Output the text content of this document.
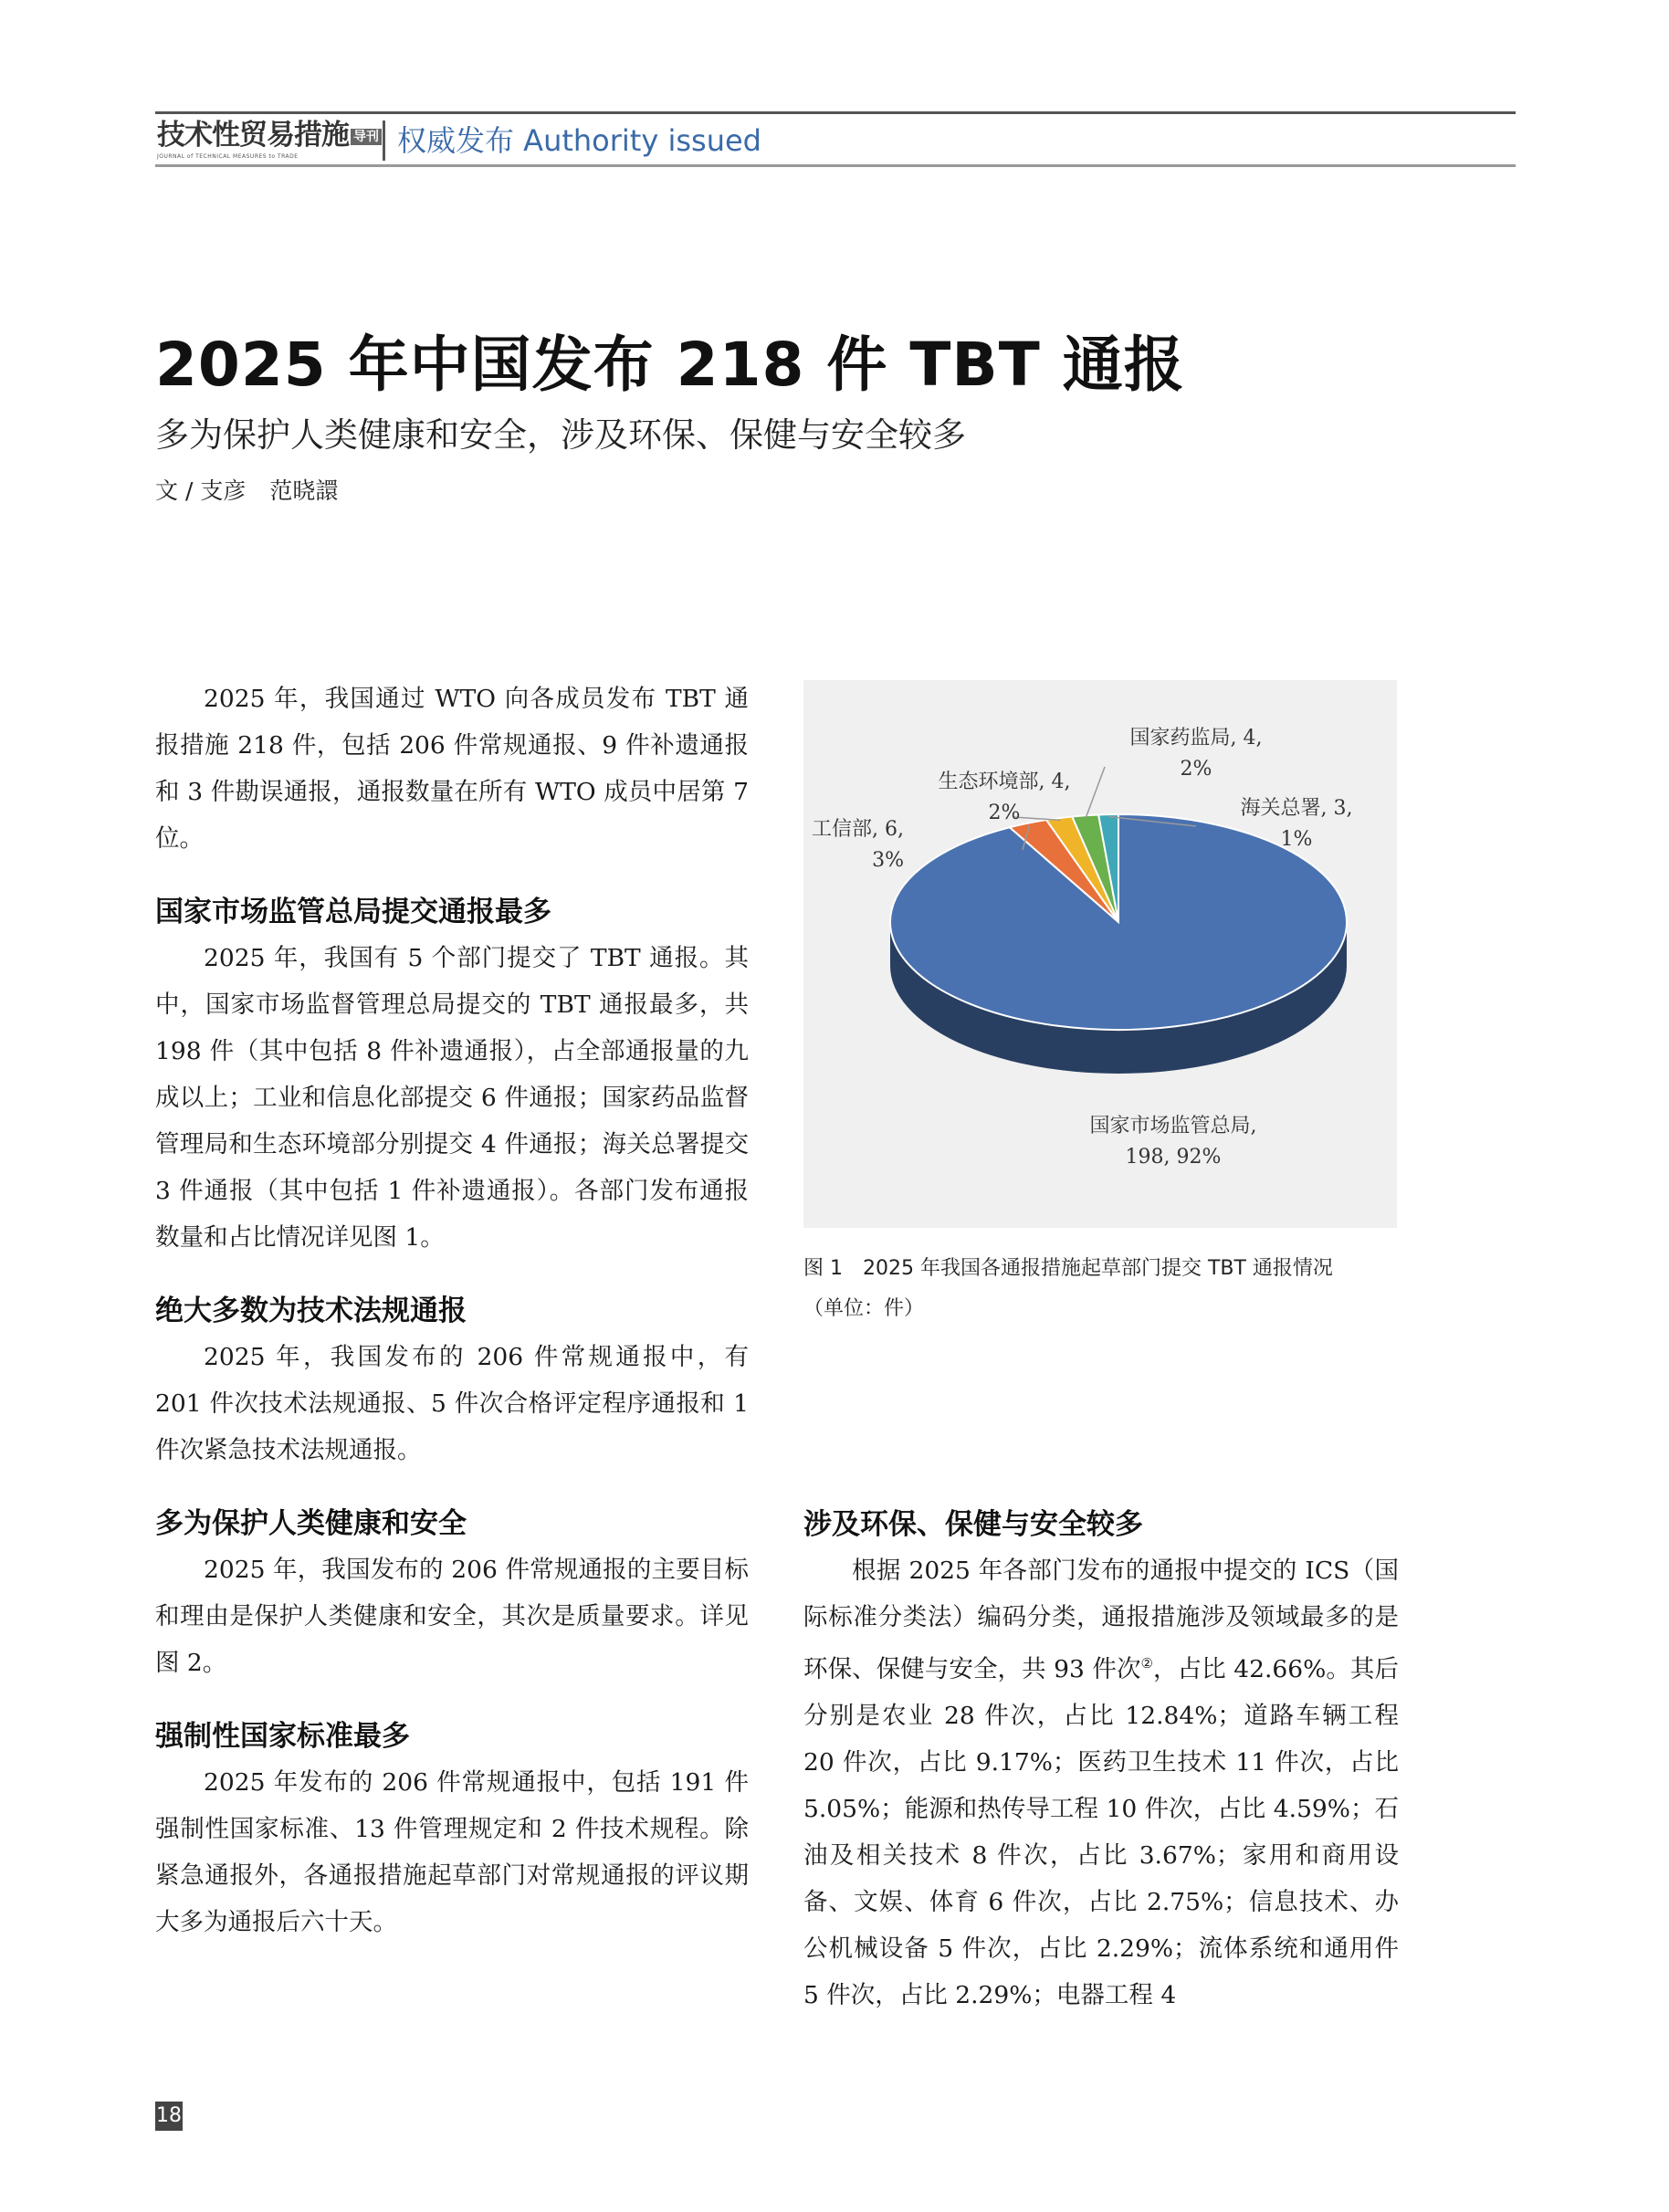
技术性贸易措施 导刊
JOURNAL of TECHNICAL MEASURES to TRADE	权威发布 Authority issued
2025 年中国发布 218 件 TBT 通报
多为保护人类健康和安全，涉及环保、保健与安全较多
文 / 支彦 范晓譞

2025 年，我国通过 WTO 向各成员发布 TBT 通报措施 218 件，包括 206 件常规通报、9 件补遗通报和 3 件勘误通报，通报数量在所有 WTO 成员中居第 7 位。

国家市场监管总局提交通报最多

2025 年，我国有 5 个部门提交了 TBT 通报。其中，国家市场监督管理总局提交的 TBT 通报最多，共 198 件（其中包括 8 件补遗通报），占全部通报量的九成以上；工业和信息化部提交 6 件通报；国家药品监督管理局和生态环境部分别提交 4 件通报；海关总署提交 3 件通报（其中包括 1 件补遗通报）。各部门发布通报数量和占比情况详见图 1。

绝大多数为技术法规通报

2025 年，我国发布的 206 件常规通报中，有 201 件次技术法规通报、5 件次合格评定程序通报和 1 件次紧急技术法规通报。

多为保护人类健康和安全

2025 年，我国发布的 206 件常规通报的主要目标和理由是保护人类健康和安全，其次是质量要求。详见图 2。

强制性国家标准最多

2025 年发布的 206 件常规通报中，包括 191 件强制性国家标准、13 件管理规定和 2 件技术规程。除紧急通报外，各通报措施起草部门对常规通报的评议期大多为通报后六十天。

国家市场监管总局, 198, 92%
工信部, 6, 3%
生态环境部, 4, 2%
国家药监局, 4, 2%
海关总署, 3, 1%
图 1　2025 年我国各通报措施起草部门提交 TBT 通报情况
（单位：件）

涉及环保、保健与安全较多

根据 2025 年各部门发布的通报中提交的 ICS（国际标准分类法）编码分类，通报措施涉及领域最多的是环保、保健与安全，共 93 件次②，占比 42.66%。其后分别是农业 28 件次，占比 12.84%；道路车辆工程 20 件次，占比 9.17%；医药卫生技术 11 件次，占比 5.05%；能源和热传导工程 10 件次，占比 4.59%；石油及相关技术 8 件次，占比 3.67%；家用和商用设备、文娱、体育 6 件次，占比 2.75%；信息技术、办公机械设备 5 件次，占比 2.29%；流体系统和通用件 5 件次，占比 2.29%；电器工程 4

18
